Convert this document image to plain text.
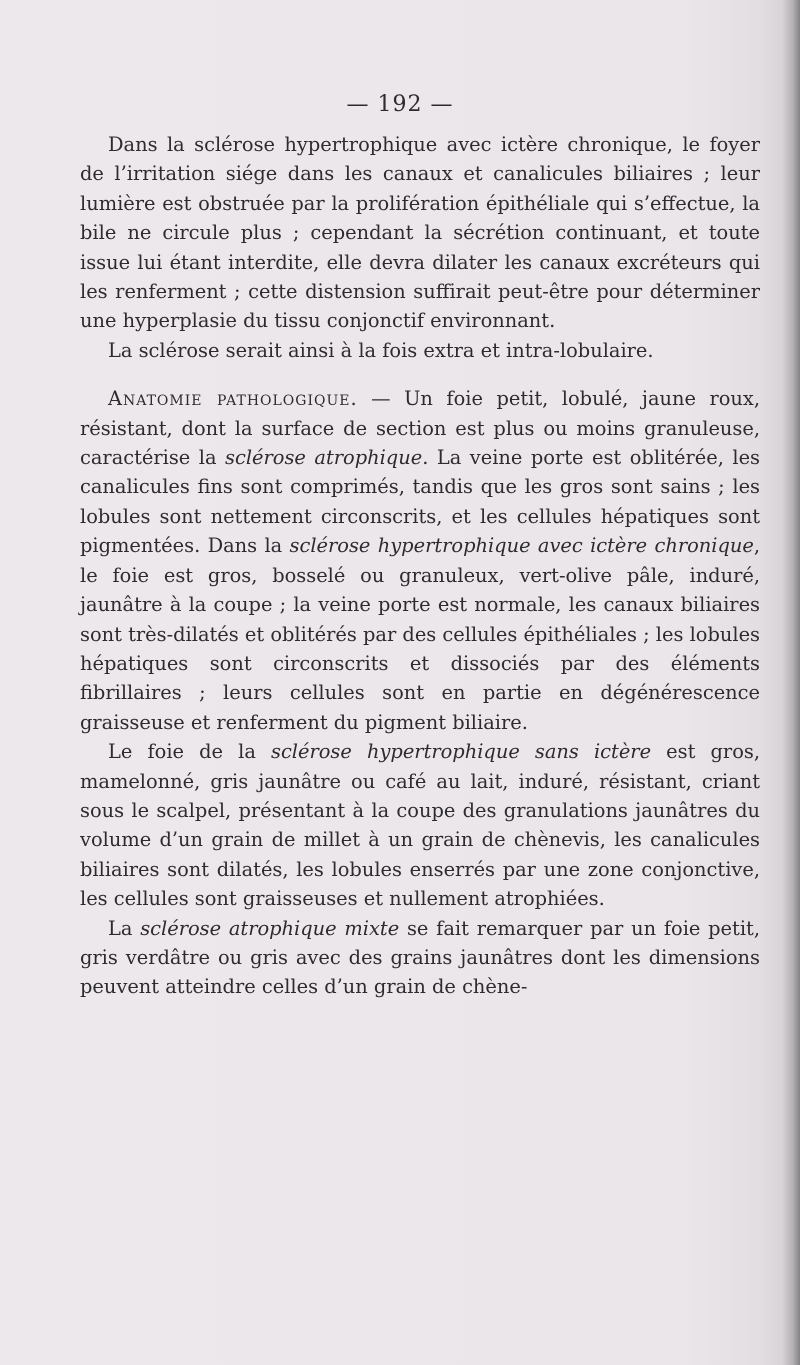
— 192 —

Dans la sclérose hypertrophique avec ictère chronique, le foyer de l’irritation siége dans les canaux et canalicules biliaires ; leur lumière est obstruée par la prolifération épithéliale qui s’effectue, la bile ne circule plus ; cependant la sécrétion continuant, et toute issue lui étant interdite, elle devra dilater les canaux excréteurs qui les renferment ; cette distension suffirait peut-être pour déterminer une hyperplasie du tissu conjonctif environnant.

La sclérose serait ainsi à la fois extra et intra-lobulaire.

Anatomie pathologique. — Un foie petit, lobulé, jaune roux, résistant, dont la surface de section est plus ou moins granuleuse, caractérise la sclérose atrophique. La veine porte est oblitérée, les canalicules fins sont comprimés, tandis que les gros sont sains ; les lobules sont nettement circonscrits, et les cellules hépatiques sont pigmentées. Dans la sclérose hypertrophique avec ictère chronique, le foie est gros, bosselé ou granuleux, vert-olive pâle, induré, jaunâtre à la coupe ; la veine porte est normale, les canaux biliaires sont très-dilatés et oblitérés par des cellules épithéliales ; les lobules hépatiques sont circonscrits et dissociés par des éléments fibrillaires ; leurs cellules sont en partie en dégénérescence graisseuse et renferment du pigment biliaire.

Le foie de la sclérose hypertrophique sans ictère est gros, mamelonné, gris jaunâtre ou café au lait, induré, résistant, criant sous le scalpel, présentant à la coupe des granulations jaunâtres du volume d’un grain de millet à un grain de chènevis, les canalicules biliaires sont dilatés, les lobules enserrés par une zone conjonctive, les cellules sont graisseuses et nullement atrophiées.

La sclérose atrophique mixte se fait remarquer par un foie petit, gris verdâtre ou gris avec des grains jaunâtres dont les dimensions peuvent atteindre celles d’un grain de chène-
